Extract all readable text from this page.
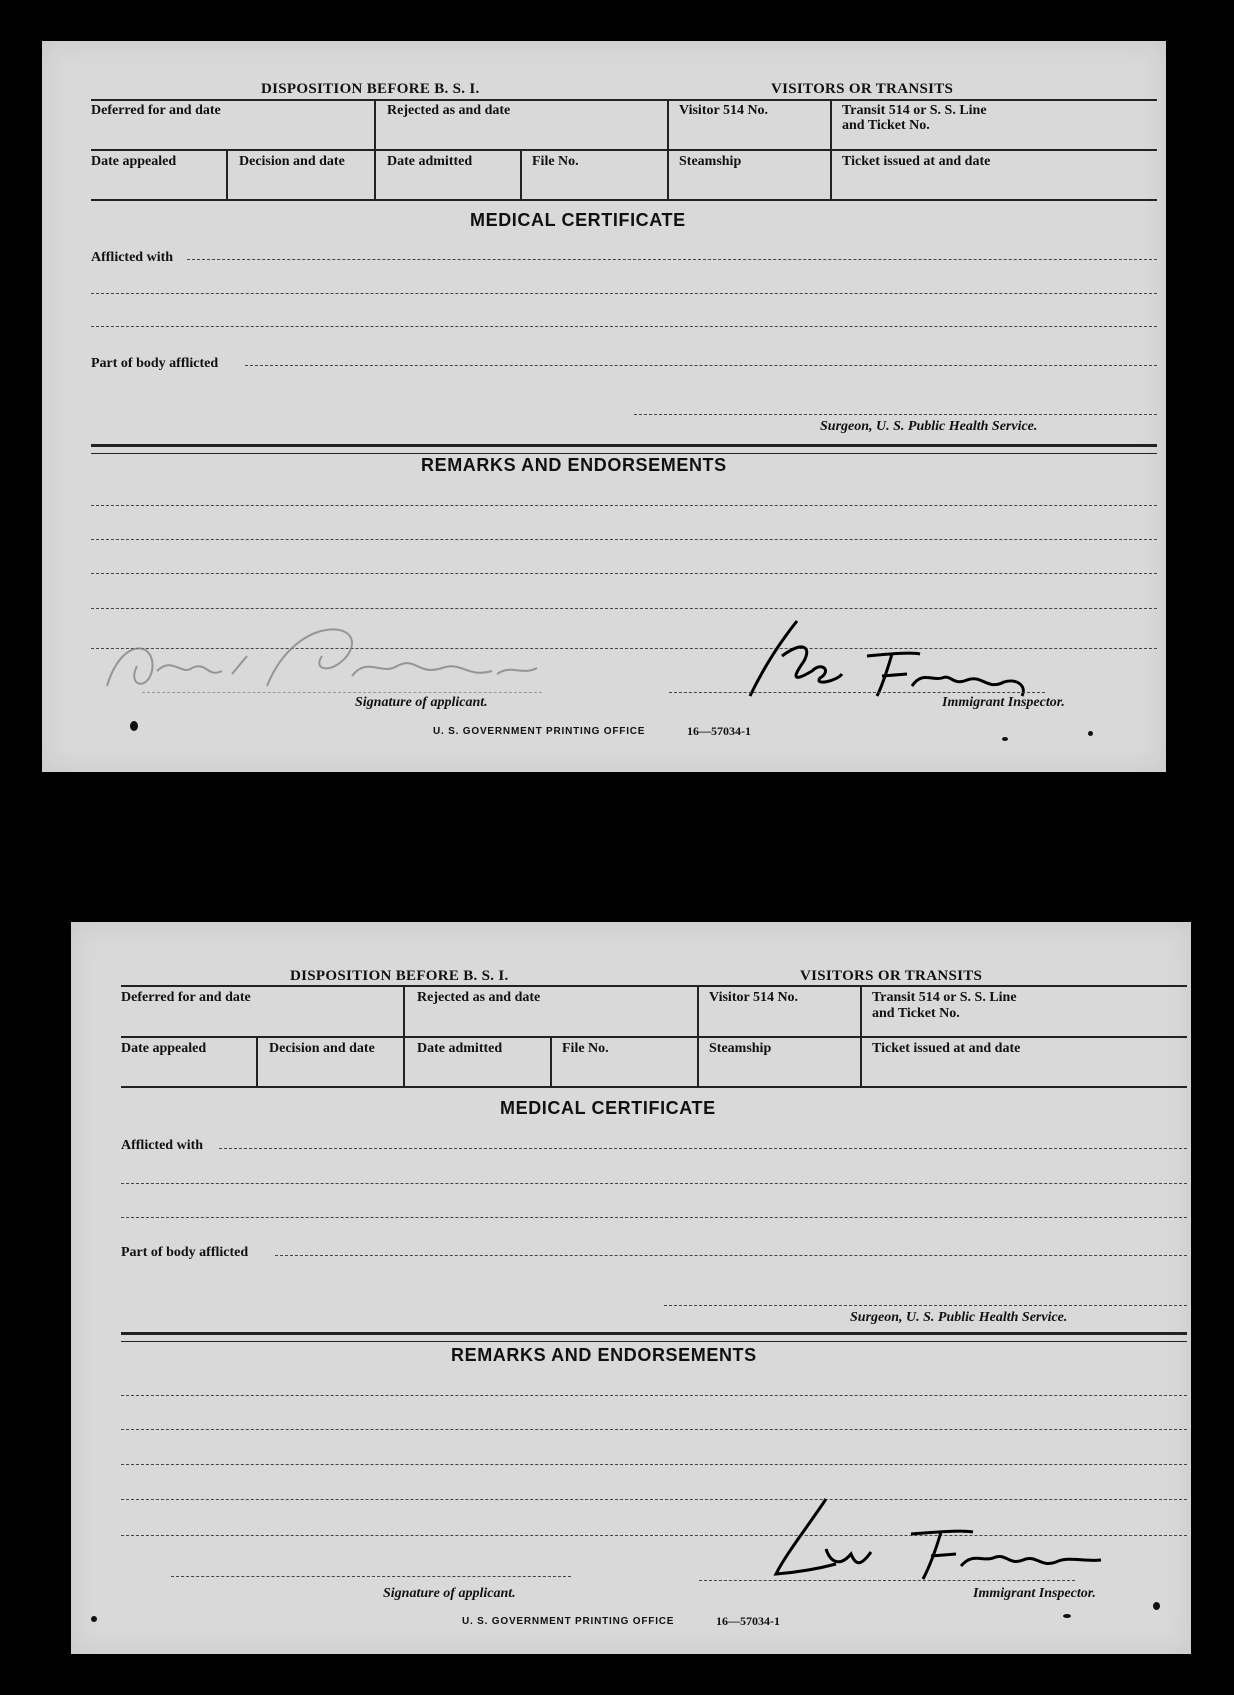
DISPOSITION BEFORE B. S. I.	VISITORS OR TRANSITS
Deferred for and date	Rejected as and date	Visitor 514 No.	Transit 514 or S. S. Line
and Ticket No.
Date appealed	Decision and date	Date admitted	File No.	Steamship	Ticket issued at and date
MEDICAL CERTIFICATE
Afflicted with
Part of body afflicted
Surgeon, U. S. Public Health Service.
REMARKS AND ENDORSEMENTS
Signature of applicant.	Immigrant Inspector.
U. S. GOVERNMENT PRINTING OFFICE	16—57034-1
DISPOSITION BEFORE B. S. I.	VISITORS OR TRANSITS
Deferred for and date	Rejected as and date	Visitor 514 No.	Transit 514 or S. S. Line
and Ticket No.
Date appealed	Decision and date	Date admitted	File No.	Steamship	Ticket issued at and date
MEDICAL CERTIFICATE
Afflicted with
Part of body afflicted
Surgeon, U. S. Public Health Service.
REMARKS AND ENDORSEMENTS
Signature of applicant.	Immigrant Inspector.
U. S. GOVERNMENT PRINTING OFFICE	16—57034-1
